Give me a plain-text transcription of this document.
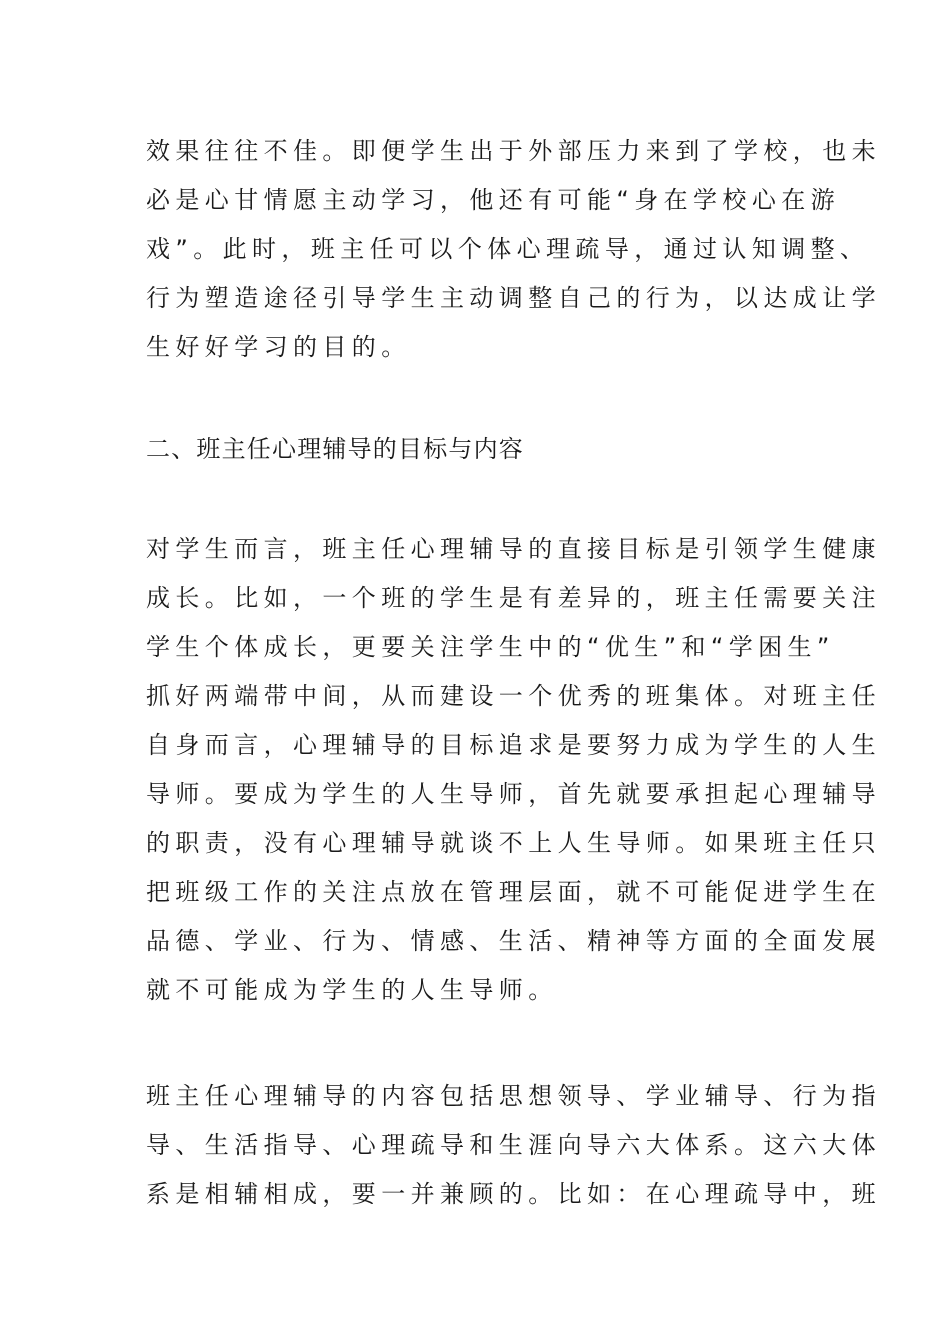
效果往往不佳。即便学生出于外部压力来到了学校，也未
必是心甘情愿主动学习，他还有可能“身在学校心在游
戏”。此时，班主任可以个体心理疏导，通过认知调整、
行为塑造途径引导学生主动调整自己的行为，以达成让学
生好好学习的目的。
二、班主任心理辅导的目标与内容
对学生而言，班主任心理辅导的直接目标是引领学生健康
成长。比如，一个班的学生是有差异的，班主任需要关注
学生个体成长，更要关注学生中的“优生”和“学困生”
抓好两端带中间，从而建设一个优秀的班集体。对班主任
自身而言，心理辅导的目标追求是要努力成为学生的人生
导师。要成为学生的人生导师，首先就要承担起心理辅导
的职责，没有心理辅导就谈不上人生导师。如果班主任只
把班级工作的关注点放在管理层面，就不可能促进学生在
品德、学业、行为、情感、生活、精神等方面的全面发展
就不可能成为学生的人生导师。
班主任心理辅导的内容包括思想领导、学业辅导、行为指
导、生活指导、心理疏导和生涯向导六大体系。这六大体
系是相辅相成，要一并兼顾的。比如：在心理疏导中，班
